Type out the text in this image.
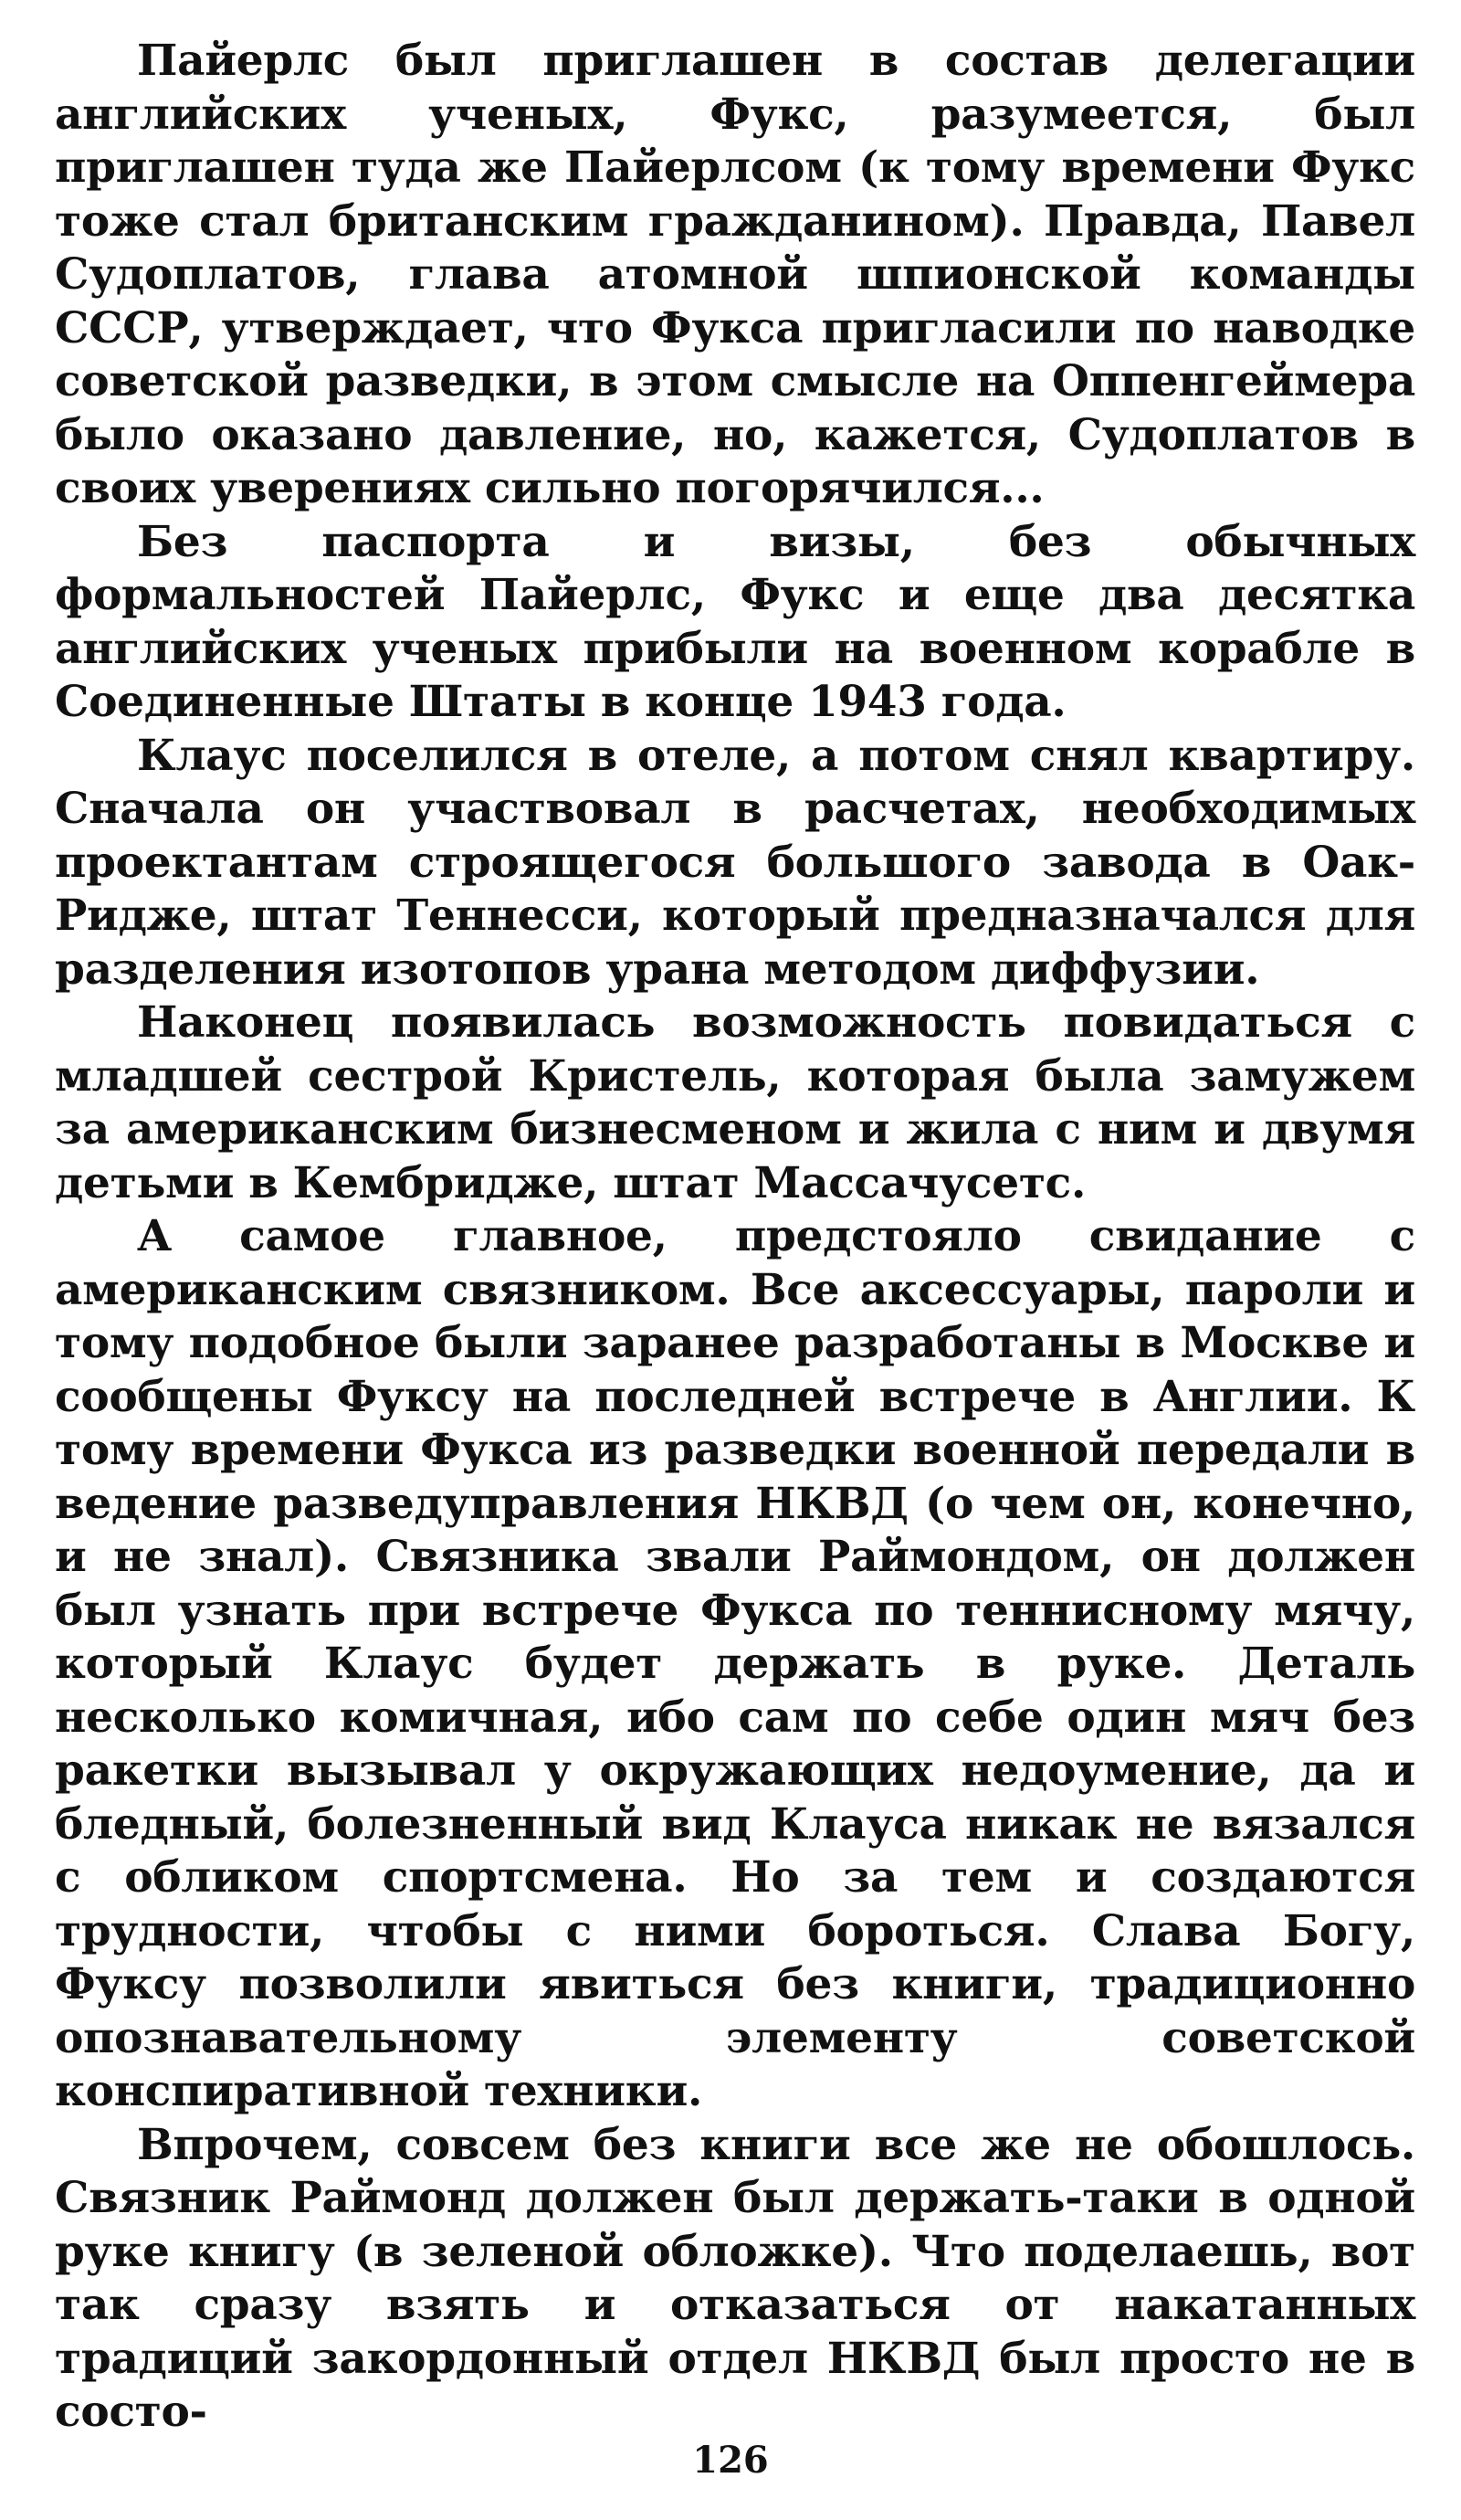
Пайерлс был приглашен в состав делегации английских ученых, Фукс, разумеется, был приглашен туда же Пайерлсом (к тому времени Фукс тоже стал британским гражданином). Правда, Павел Судоплатов, глава атомной шпионской команды СССР, утверждает, что Фукса пригласили по наводке советской разведки, в этом смысле на Оппенгеймера было оказано давление, но, кажется, Судоплатов в своих уверениях сильно погорячился...

Без паспорта и визы, без обычных формальностей Пайерлс, Фукс и еще два десятка английских ученых прибыли на военном корабле в Соединенные Штаты в конце 1943 года.

Клаус поселился в отеле, а потом снял квартиру. Сначала он участвовал в расчетах, необходимых проектантам строящегося большого завода в Оак-Ридже, штат Теннесси, который предназначался для разделения изотопов урана методом диффузии.

Наконец появилась возможность повидаться с младшей сестрой Кристель, которая была замужем за американским бизнесменом и жила с ним и двумя детьми в Кембридже, штат Массачусетс.

А самое главное, предстояло свидание с американским связником. Все аксессуары, пароли и тому подобное были заранее разработаны в Москве и сообщены Фуксу на последней встрече в Англии. К тому времени Фукса из разведки военной передали в ведение разведуправления НКВД (о чем он, конечно, и не знал). Связника звали Раймондом, он должен был узнать при встрече Фукса по теннисному мячу, который Клаус будет держать в руке. Деталь несколько комичная, ибо сам по себе один мяч без ракетки вызывал у окружающих недоумение, да и бледный, болезненный вид Клауса никак не вязался с обликом спортсмена. Но за тем и создаются трудности, чтобы с ними бороться. Слава Богу, Фуксу позволили явиться без книги, традиционно опознавательному элементу советской конспиративной техники.

Впрочем, совсем без книги все же не обошлось. Связник Раймонд должен был держать-таки в одной руке книгу (в зеленой обложке). Что поделаешь, вот так сразу взять и отказаться от накатанных традиций закордонный отдел НКВД был просто не в состо-

126
